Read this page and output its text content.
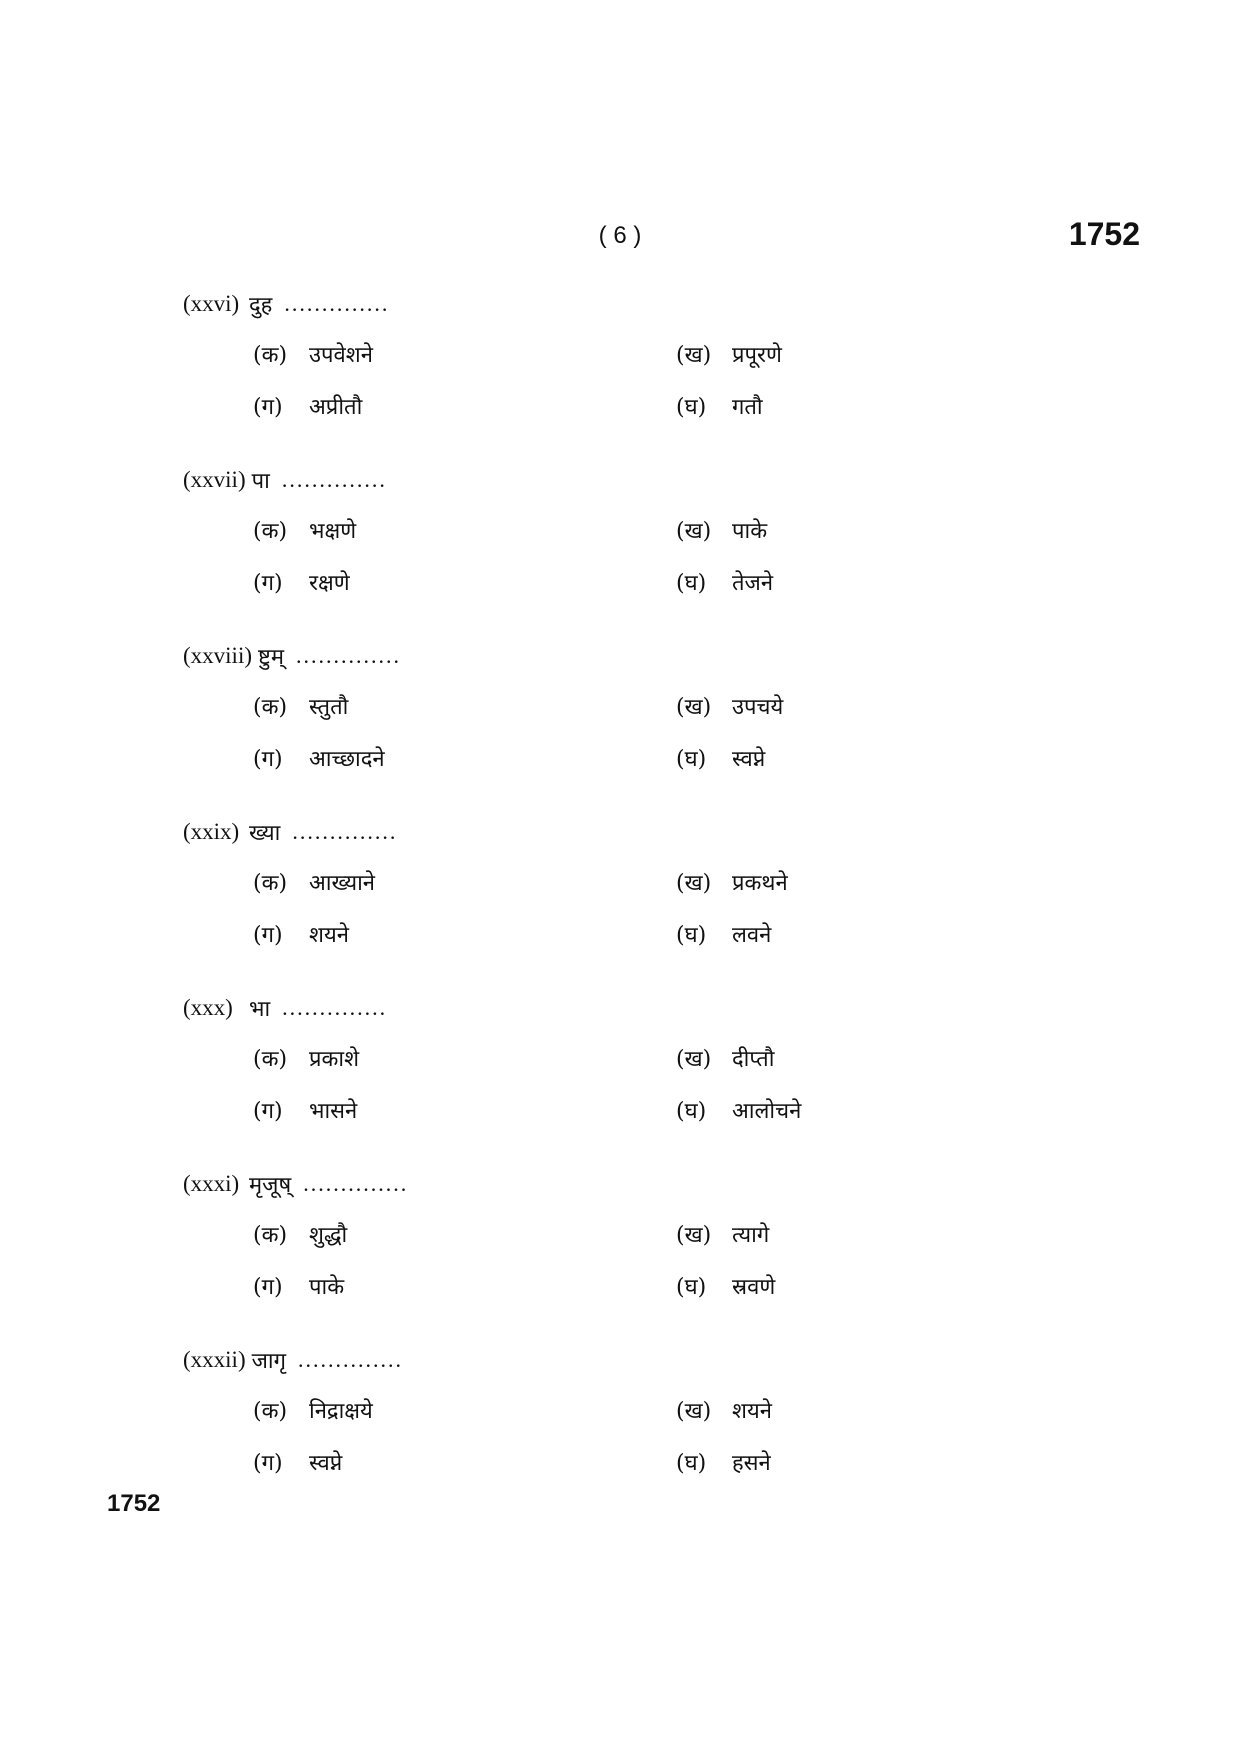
( 6 )	1752
(xxvi) दुह ..............
(क) उपवेशने	(ख) प्रपूरणे
(ग)	अप्रीतौ	(घ)	गतौ
(xxvii) पा ..............
(क) भक्षणे	(ख) पाके
(ग)	रक्षणे	(घ)	तेजने
(xxviii) ष्टुम् ..............
(क) स्तुतौ	(ख) उपचये
(ग)	आच्छादने	(घ)	स्वप्ने
(xxix) ख्या ..............
(क) आख्याने	(ख) प्रकथने
(ग)	शयने	(घ)	लवने
(xxx) भा ..............
(क) प्रकाशे	(ख) दीप्तौ
(ग)	भासने	(घ)	आलोचने
(xxxi) मृजूष् ..............
(क) शुद्धौ	(ख) त्यागे
(ग)	पाके	(घ)	स्रवणे
(xxxii) जागृ ..............
(क) निद्राक्षये	(ख) शयने
(ग)	स्वप्ने	(घ)	हसने
1752
